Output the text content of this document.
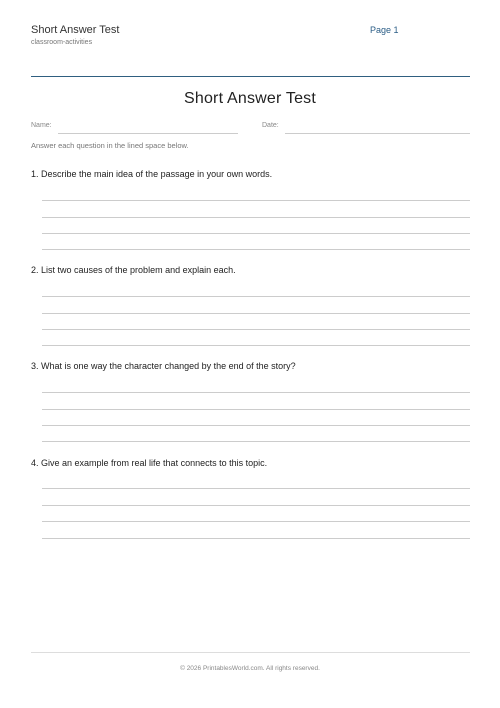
Short Answer Test
classroom-activities
Page 1
Short Answer Test
Name:	Date:
Answer each question in the lined space below.
1. Describe the main idea of the passage in your own words.
2. List two causes of the problem and explain each.
3. What is one way the character changed by the end of the story?
4. Give an example from real life that connects to this topic.
© 2026 PrintablesWorld.com. All rights reserved.
